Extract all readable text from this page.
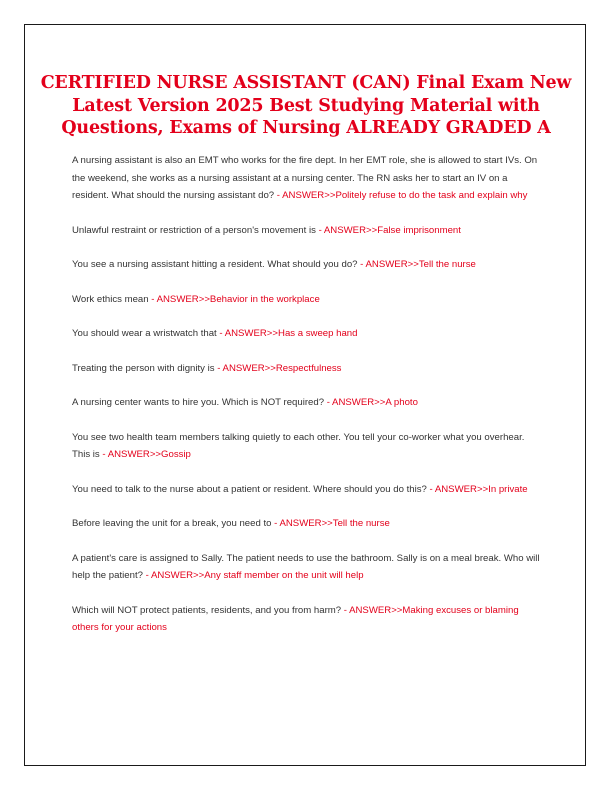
CERTIFIED NURSE ASSISTANT (CAN) Final Exam New Latest Version 2025 Best Studying Material with Questions, Exams of Nursing ALREADY GRADED A
A nursing assistant is also an EMT who works for the fire dept. In her EMT role, she is allowed to start IVs. On the weekend, she works as a nursing assistant at a nursing center. The RN asks her to start an IV on a resident. What should the nursing assistant do? - ANSWER>>Politely refuse to do the task and explain why
Unlawful restraint or restriction of a person's movement is - ANSWER>>False imprisonment
You see a nursing assistant hitting a resident. What should you do? - ANSWER>>Tell the nurse
Work ethics mean - ANSWER>>Behavior in the workplace
You should wear a wristwatch that - ANSWER>>Has a sweep hand
Treating the person with dignity is - ANSWER>>Respectfulness
A nursing center wants to hire you. Which is NOT required? - ANSWER>>A photo
You see two health team members talking quietly to each other. You tell your co-worker what you overhear. This is - ANSWER>>Gossip
You need to talk to the nurse about a patient or resident. Where should you do this? - ANSWER>>In private
Before leaving the unit for a break, you need to - ANSWER>>Tell the nurse
A patient's care is assigned to Sally. The patient needs to use the bathroom. Sally is on a meal break. Who will help the patient? - ANSWER>>Any staff member on the unit will help
Which will NOT protect patients, residents, and you from harm? - ANSWER>>Making excuses or blaming others for your actions
